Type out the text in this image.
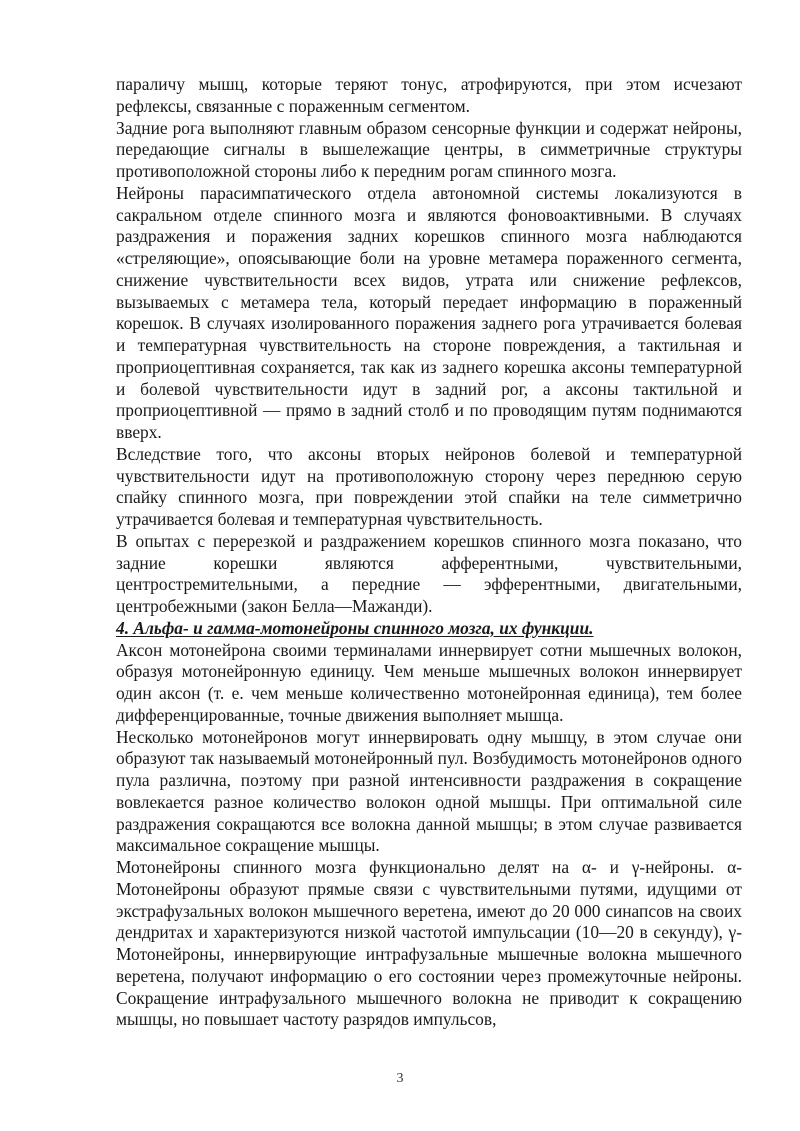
параличу мышц, которые теряют тонус, атрофируются, при этом исчезают рефлексы, связанные с пораженным сегментом.

Задние рога выполняют главным образом сенсорные функции и содержат нейроны, передающие сигналы в вышележащие центры, в симметричные структуры противоположной стороны либо к передним рогам спинного мозга.

Нейроны парасимпатического отдела автономной системы локализуются в сакральном отделе спинного мозга и являются фоновоактивными. В случаях раздражения и поражения задних корешков спинного мозга наблюдаются «стреляющие», опоясывающие боли на уровне метамера пораженного сегмента, снижение чувствительности всех видов, утрата или снижение рефлексов, вызываемых с метамера тела, который передает информацию в пораженный корешок. В случаях изолированного поражения заднего рога утрачивается болевая и температурная чувствительность на стороне повреждения, а тактильная и проприоцептивная сохраняется, так как из заднего корешка аксоны температурной и болевой чувствительности идут в задний рог, а аксоны тактильной и проприоцептивной — прямо в задний столб и по проводящим путям поднимаются вверх.

Вследствие того, что аксоны вторых нейронов болевой и температурной чувствительности идут на противоположную сторону через переднюю серую спайку спинного мозга, при повреждении этой спайки на теле симметрично утрачивается болевая и температурная чувствительность.

В опытах с перерезкой и раздражением корешков спинного мозга показано, что задние корешки являются афферентными, чувствительными, центростремительными, а передние — эфферентными, двигательными, центробежными (закон Белла—Мажанди).

4. Альфа- и гамма-мотонейроны спинного мозга, их функции.

Аксон мотонейрона своими терминалами иннервирует сотни мышечных волокон, образуя мотонейронную единицу. Чем меньше мышечных волокон иннервирует один аксон (т. е. чем меньше количественно мотонейронная единица), тем более дифференцированные, точные движения выполняет мышца.

Несколько мотонейронов могут иннервировать одну мышцу, в этом случае они образуют так называемый мотонейронный пул. Возбудимость мотонейронов одного пула различна, поэтому при разной интенсивности раздражения в сокращение вовлекается разное количество волокон одной мышцы. При оптимальной силе раздражения сокращаются все волокна данной мышцы; в этом случае развивается максимальное сокращение мышцы.

Мотонейроны спинного мозга функционально делят на α- и γ-нейроны. α-Мотонейроны образуют прямые связи с чувствительными путями, идущими от экстрафузальных волокон мышечного веретена, имеют до 20 000 синапсов на своих дендритах и характеризуются низкой частотой импульсации (10—20 в секунду), γ-Мотонейроны, иннервирующие интрафузальные мышечные волокна мышечного веретена, получают информацию о его состоянии через промежуточные нейроны. Сокращение интрафузального мышечного волокна не приводит к сокращению мышцы, но повышает частоту разрядов импульсов,

3
